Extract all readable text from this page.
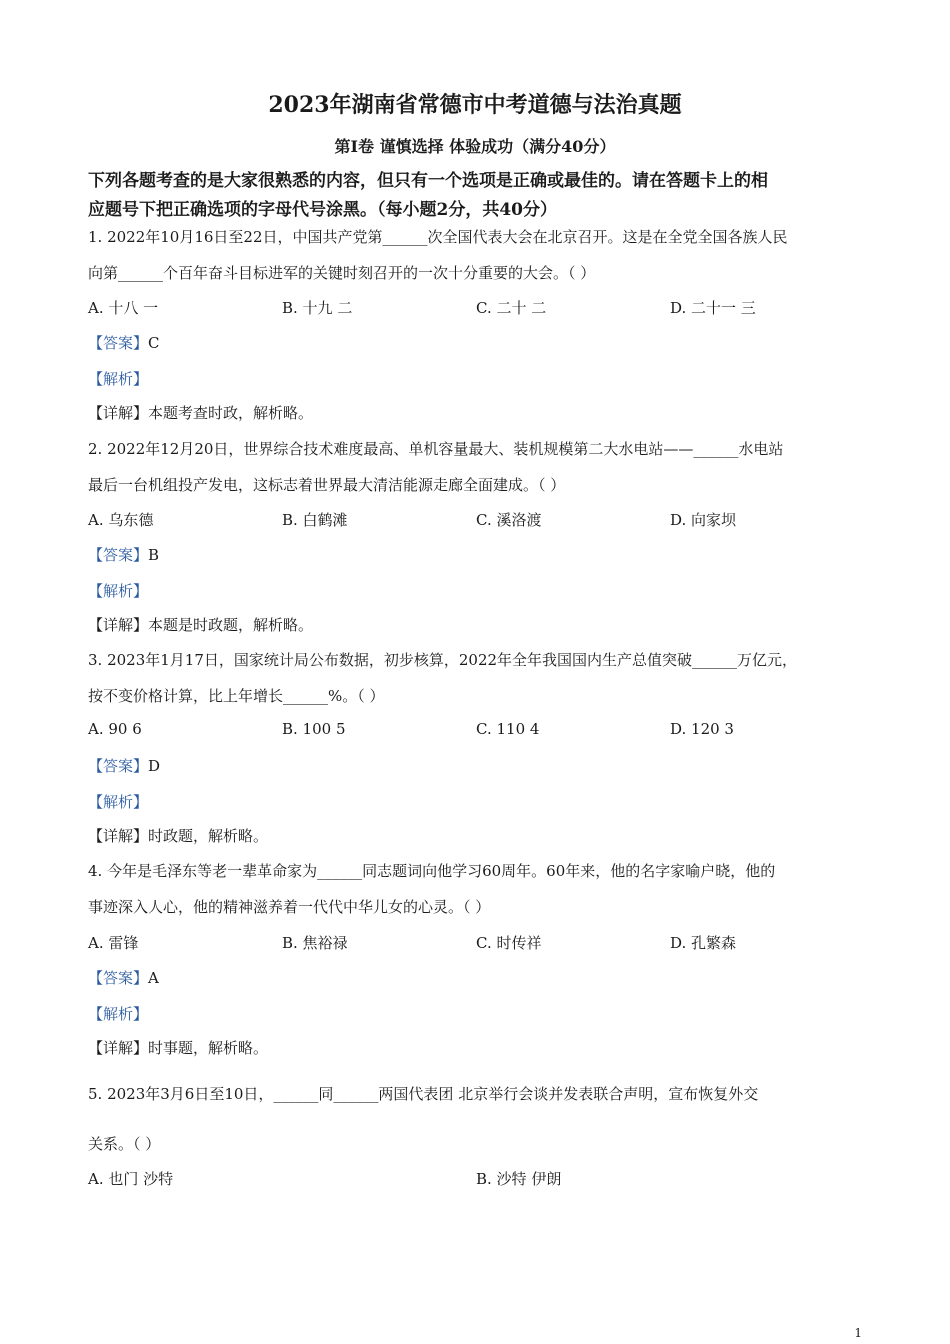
2023年湖南省常德市中考道德与法治真题
第Ⅰ卷 谨慎选择 体验成功（满分40分）
下列各题考查的是大家很熟悉的内容，但只有一个选项是正确或最佳的。请在答题卡上的相
应题号下把正确选项的字母代号涂黑。（每小题2分，共40分）
1. 2022年10月16日至22日，中国共产党第______次全国代表大会在北京召开。这是在全党全国各族人民
向第______个百年奋斗目标进军的关键时刻召开的一次十分重要的大会。（ ）
A. 十八 一	B. 十九 二	C. 二十 二	D. 二十一 三
【答案】C
【解析】
【详解】本题考查时政，解析略。
2. 2022年12月20日，世界综合技术难度最高、单机容量最大、装机规模第二大水电站——______水电站
最后一台机组投产发电，这标志着世界最大清洁能源走廊全面建成。（ ）
A. 乌东德	B. 白鹤滩	C. 溪洛渡	D. 向家坝
【答案】B
【解析】
【详解】本题是时政题，解析略。
3. 2023年1月17日，国家统计局公布数据，初步核算，2022年全年我国国内生产总值突破______万亿元，
按不变价格计算，比上年增长______%。（ ）
A. 90 6	B. 100 5	C. 110 4	D. 120 3
【答案】D
【解析】
【详解】时政题，解析略。
4. 今年是毛泽东等老一辈革命家为______同志题词向他学习60周年。60年来，他的名字家喻户晓，他的
事迹深入人心，他的精神滋养着一代代中华儿女的心灵。（ ）
A. 雷锋	B. 焦裕禄	C. 时传祥	D. 孔繁森
【答案】A
【解析】
【详解】时事题，解析略。
5. 2023年3月6日至10日，______同______两国代表团 北京举行会谈并发表联合声明，宣布恢复外交
关系。（ ）
A. 也门 沙特	B. 沙特 伊朗
1
